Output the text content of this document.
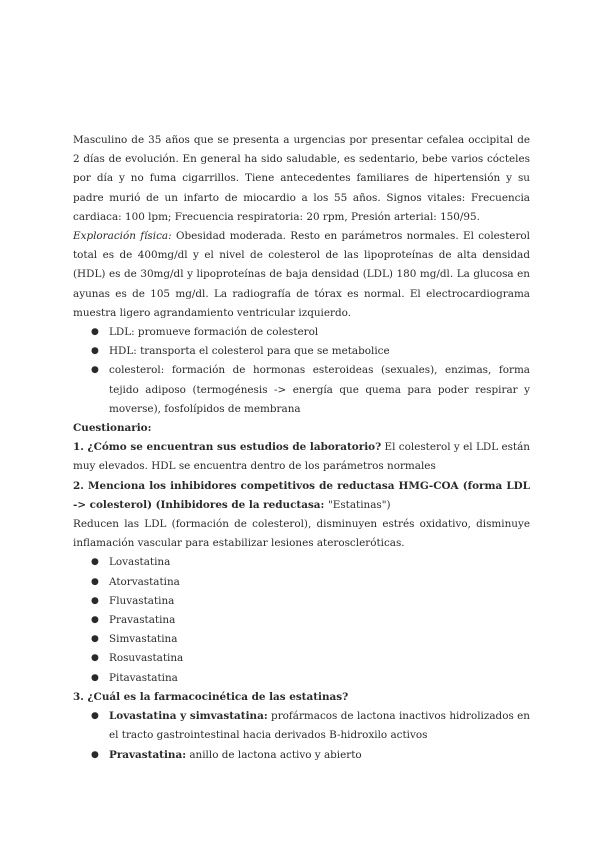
Masculino de 35 años que se presenta a urgencias por presentar cefalea occipital de 2 días de evolución. En general ha sido saludable, es sedentario, bebe varios cócteles por día y no fuma cigarrillos. Tiene antecedentes familiares de hipertensión y su padre murió de un infarto de miocardio a los 55 años. Signos vitales: Frecuencia cardiaca: 100 lpm; Frecuencia respiratoria: 20 rpm, Presión arterial: 150/95.

Exploración física: Obesidad moderada. Resto en parámetros normales. El colesterol total es de 400mg/dl y el nivel de colesterol de las lipoproteínas de alta densidad (HDL) es de 30mg/dl y lipoproteínas de baja densidad (LDL) 180 mg/dl. La glucosa en ayunas es de 105 mg/dl. La radiografía de tórax es normal. El electrocardiograma muestra ligero agrandamiento ventricular izquierdo.

● LDL: promueve formación de colesterol
● HDL: transporta el colesterol para que se metabolice
● colesterol: formación de hormonas esteroideas (sexuales), enzimas, forma tejido adiposo (termogénesis -> energía que quema para poder respirar y moverse), fosfolípidos de membrana

Cuestionario:

1. ¿Cómo se encuentran sus estudios de laboratorio? El colesterol y el LDL están muy elevados. HDL se encuentra dentro de los parámetros normales

2. Menciona los inhibidores competitivos de reductasa HMG-COA (forma LDL -> colesterol) (Inhibidores de la reductasa: "Estatinas")

Reducen las LDL (formación de colesterol), disminuyen estrés oxidativo, disminuye inflamación vascular para estabilizar lesiones ateroscleróticas.

● Lovastatina
● Atorvastatina
● Fluvastatina
● Pravastatina
● Simvastatina
● Rosuvastatina
● Pitavastatina

3. ¿Cuál es la farmacocinética de las estatinas?

● Lovastatina y simvastatina: profármacos de lactona inactivos hidrolizados en el tracto gastrointestinal hacia derivados B-hidroxilo activos
● Pravastatina: anillo de lactona activo y abierto
